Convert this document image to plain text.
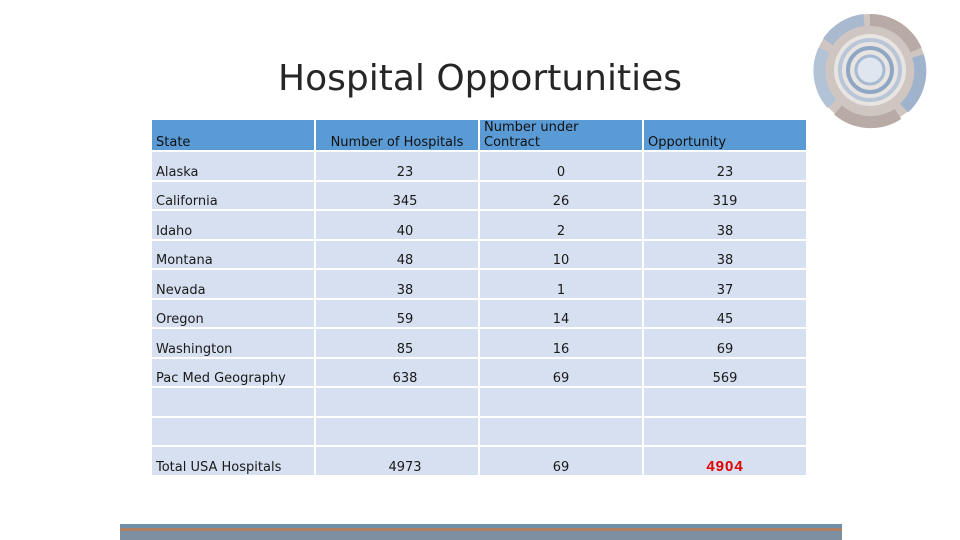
Hospital Opportunities
State	Number of Hospitals	Number under Contract	Opportunity
Alaska	23	0	23
California	345	26	319
Idaho	40	2	38
Montana	48	10	38
Nevada	38	1	37
Oregon	59	14	45
Washington	85	16	69
Pac Med Geography	638	69	569

Total USA Hospitals	4973	69	4904
